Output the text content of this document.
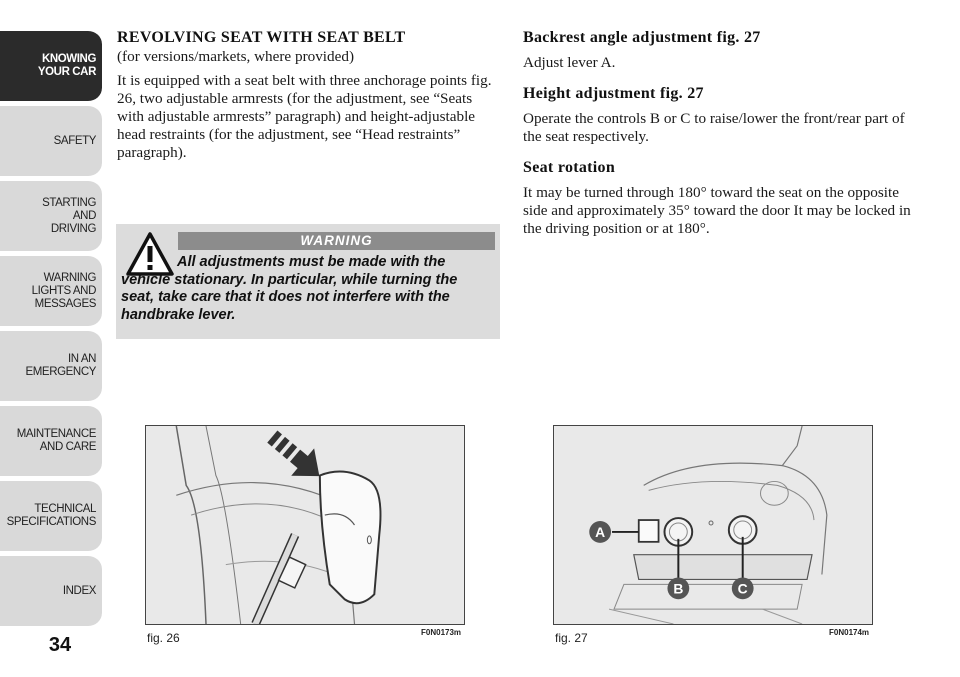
KNOWING
YOUR CAR
SAFETY
STARTING
AND
DRIVING
WARNING
LIGHTS AND
MESSAGES
IN AN
EMERGENCY
MAINTENANCE
AND CARE
TECHNICAL
SPECIFICATIONS
INDEX
34
REVOLVING SEAT WITH SEAT BELT
(for versions/markets, where provided)
It is equipped with a seat belt with three anchorage points fig. 26, two adjustable armrests (for the adjustment, see “Seats with adjustable armrests” paragraph) and height-adjustable head restraints (for the adjustment, see “Head restraints” paragraph).
WARNING
All adjustments must be made with the vehicle stationary. In particular, while turning the seat, take care that it does not interfere with the handbrake lever.
Backrest angle adjustment fig. 27
Adjust lever A.
Height adjustment fig. 27
Operate the controls B or C to raise/lower the front/rear part of the seat respectively.
Seat rotation
It may be turned through 180° toward the seat on the opposite side and approximately 35° toward the door It may be locked in the driving position or at 180°.
fig. 26	F0N0173m
A
B	C
fig. 27	F0N0174m
